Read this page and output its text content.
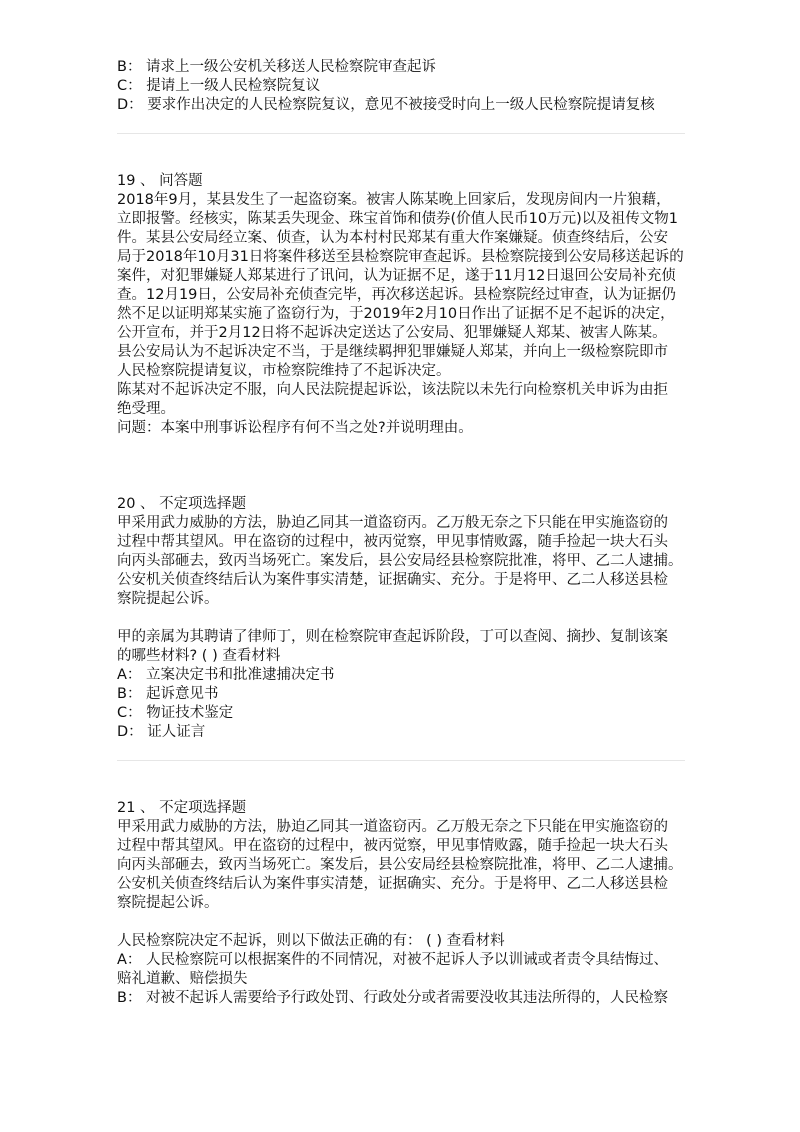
B： 请求上一级公安机关移送人民检察院审查起诉
C： 提请上一级人民检察院复议
D： 要求作出决定的人民检察院复议，意见不被接受时向上一级人民检察院提请复核
19 、 问答题
2018年9月，某县发生了一起盗窃案。被害人陈某晚上回家后，发现房间内一片狼藉，
立即报警。经核实，陈某丢失现金、珠宝首饰和债券(价值人民币10万元)以及祖传文物1
件。某县公安局经立案、侦查，认为本村村民郑某有重大作案嫌疑。侦查终结后，公安
局于2018年10月31日将案件移送至县检察院审查起诉。县检察院接到公安局移送起诉的
案件，对犯罪嫌疑人郑某进行了讯问，认为证据不足，遂于11月12日退回公安局补充侦
查。12月19日，公安局补充侦查完毕，再次移送起诉。县检察院经过审查，认为证据仍
然不足以证明郑某实施了盗窃行为，于2019年2月10日作出了证据不足不起诉的决定，
公开宣布，并于2月12日将不起诉决定送达了公安局、犯罪嫌疑人郑某、被害人陈某。
县公安局认为不起诉决定不当，于是继续羁押犯罪嫌疑人郑某，并向上一级检察院即市
人民检察院提请复议，市检察院维持了不起诉决定。
陈某对不起诉决定不服，向人民法院提起诉讼，该法院以未先行向检察机关申诉为由拒
绝受理。
问题：本案中刑事诉讼程序有何不当之处?并说明理由。
20 、 不定项选择题
甲采用武力威胁的方法，胁迫乙同其一道盗窃丙。乙万般无奈之下只能在甲实施盗窃的
过程中帮其望风。甲在盗窃的过程中，被丙觉察，甲见事情败露，随手捡起一块大石头
向丙头部砸去，致丙当场死亡。案发后，县公安局经县检察院批准，将甲、乙二人逮捕。
公安机关侦查终结后认为案件事实清楚，证据确实、充分。于是将甲、乙二人移送县检
察院提起公诉。
甲的亲属为其聘请了律师丁，则在检察院审查起诉阶段，丁可以查阅、摘抄、复制该案
的哪些材料? ( ) 查看材料
A： 立案决定书和批准逮捕决定书
B： 起诉意见书
C： 物证技术鉴定
D： 证人证言
21 、 不定项选择题
甲采用武力威胁的方法，胁迫乙同其一道盗窃丙。乙万般无奈之下只能在甲实施盗窃的
过程中帮其望风。甲在盗窃的过程中，被丙觉察，甲见事情败露，随手捡起一块大石头
向丙头部砸去，致丙当场死亡。案发后，县公安局经县检察院批准，将甲、乙二人逮捕。
公安机关侦查终结后认为案件事实清楚，证据确实、充分。于是将甲、乙二人移送县检
察院提起公诉。
人民检察院决定不起诉，则以下做法正确的有： ( ) 查看材料
A： 人民检察院可以根据案件的不同情况，对被不起诉人予以训诫或者责令具结悔过、
赔礼道歉、赔偿损失
B： 对被不起诉人需要给予行政处罚、行政处分或者需要没收其违法所得的，人民检察
